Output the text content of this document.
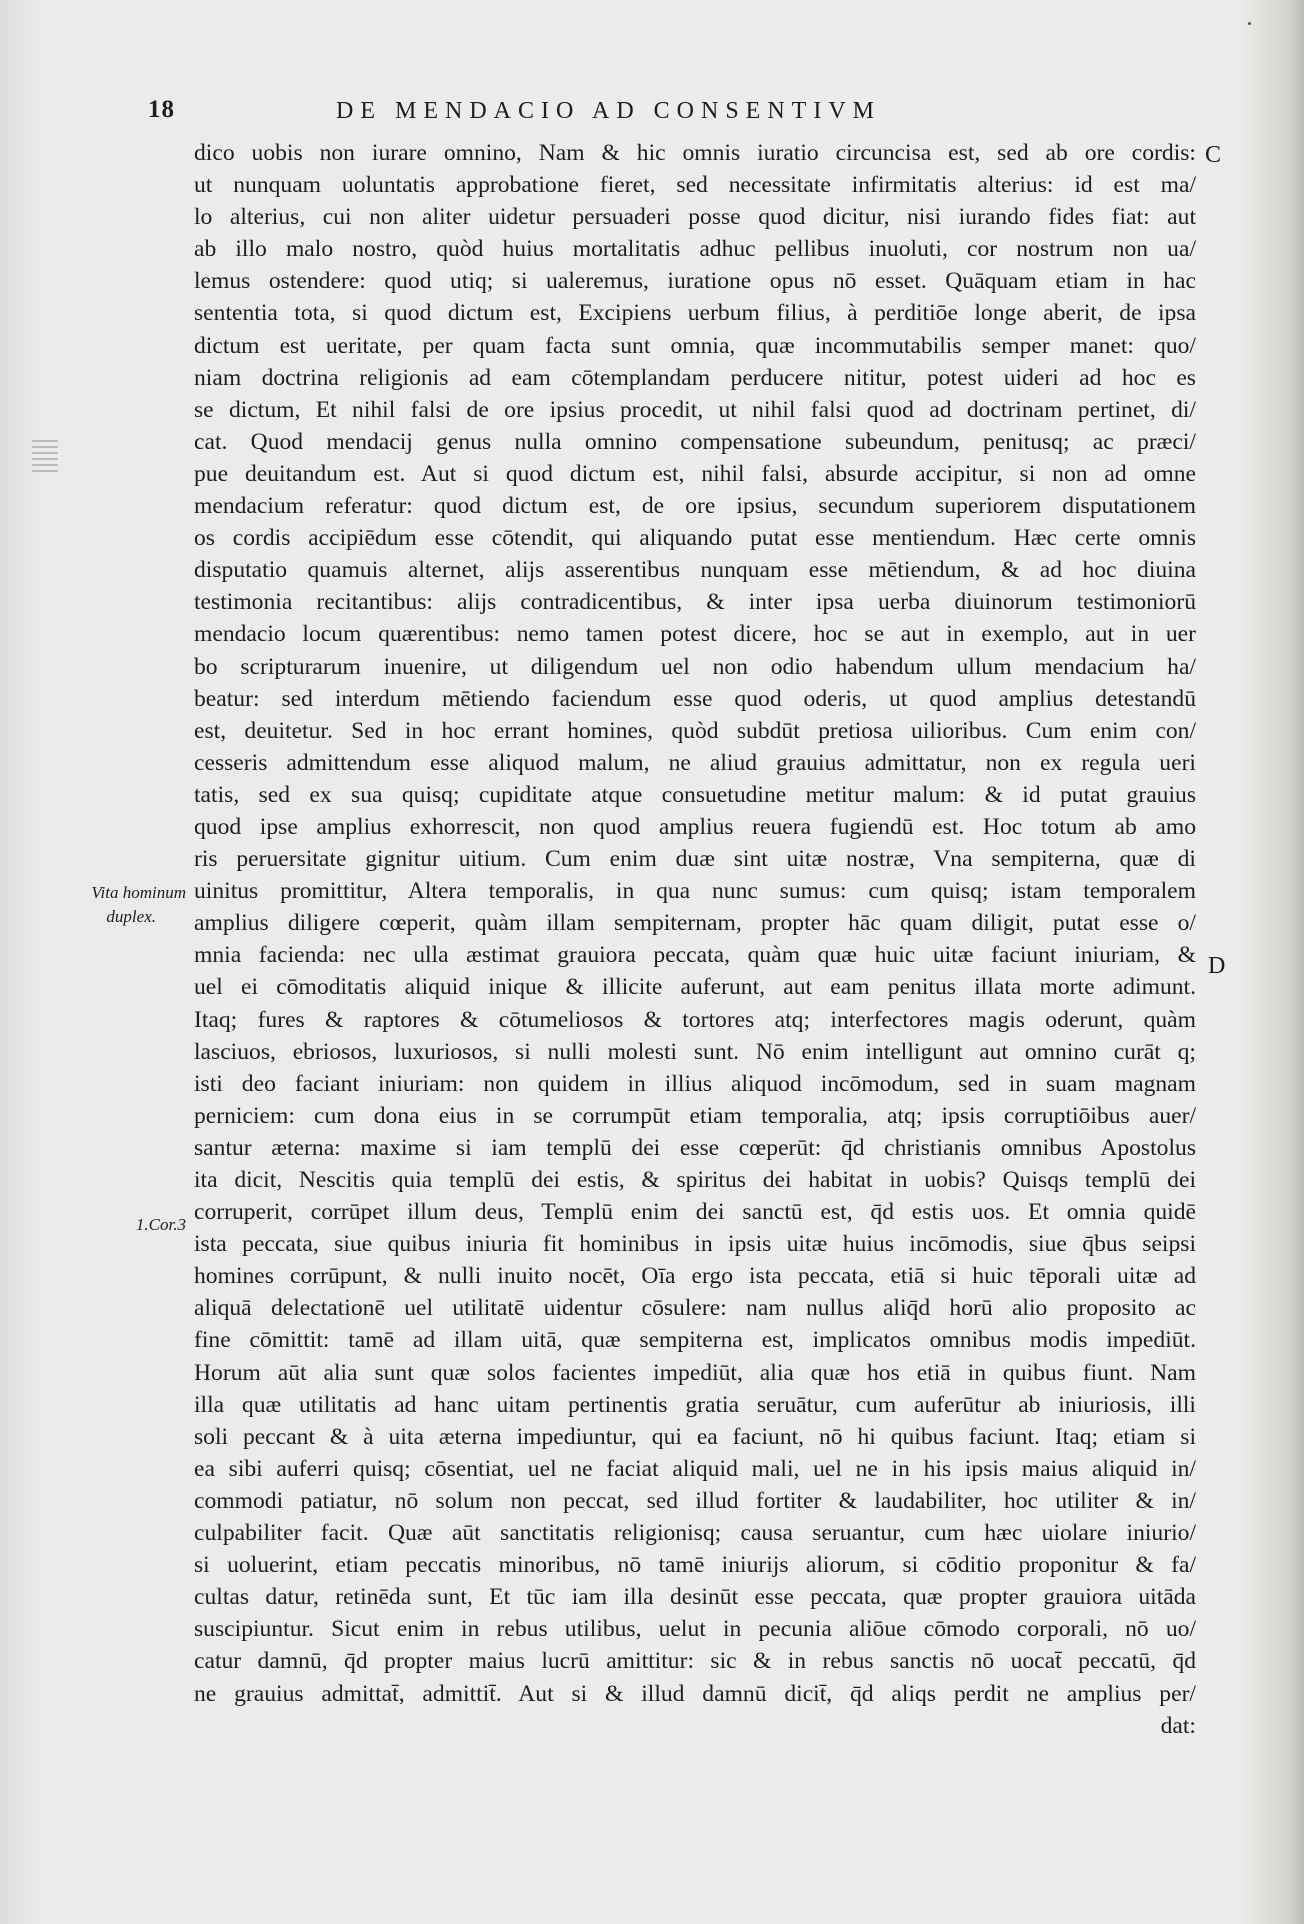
18	DE MENDACIO AD CONSENTIVM
Vita hominum
duplex.
1.Cor.3
C
D
dico uobis non iurare omnino, Nam & hic omnis iuratio circuncisa est, sed ab ore cordis:
ut nunquam uoluntatis approbatione fieret, sed necessitate infirmitatis alterius: id est ma/
lo alterius, cui non aliter uidetur persuaderi posse quod dicitur, nisi iurando fides fiat: aut
ab illo malo nostro, quòd huius mortalitatis adhuc pellibus inuoluti, cor nostrum non ua/
lemus ostendere: quod utiq; si ualeremus, iuratione opus nō esset. Quāquam etiam in hac
sententia tota, si quod dictum est, Excipiens uerbum filius, à perditiōe longe aberit, de ipsa
dictum est ueritate, per quam facta sunt omnia, quæ incommutabilis semper manet: quo/
niam doctrina religionis ad eam cōtemplandam perducere nititur, potest uideri ad hoc es
se dictum, Et nihil falsi de ore ipsius procedit, ut nihil falsi quod ad doctrinam pertinet, di/
cat. Quod mendacij genus nulla omnino compensatione subeundum, penitusq; ac præci/
pue deuitandum est. Aut si quod dictum est, nihil falsi, absurde accipitur, si non ad omne
mendacium referatur: quod dictum est, de ore ipsius, secundum superiorem disputationem
os cordis accipiēdum esse cōtendit, qui aliquando putat esse mentiendum. Hæc certe omnis
disputatio quamuis alternet, alijs asserentibus nunquam esse mētiendum, & ad hoc diuina
testimonia recitantibus: alijs contradicentibus, & inter ipsa uerba diuinorum testimoniorū
mendacio locum quærentibus: nemo tamen potest dicere, hoc se aut in exemplo, aut in uer
bo scripturarum inuenire, ut diligendum uel non odio habendum ullum mendacium ha/
beatur: sed interdum mētiendo faciendum esse quod oderis, ut quod amplius detestandū
est, deuitetur. Sed in hoc errant homines, quòd subdūt pretiosa uilioribus. Cum enim con/
cesseris admittendum esse aliquod malum, ne aliud grauius admittatur, non ex regula ueri
tatis, sed ex sua quisq; cupiditate atque consuetudine metitur malum: & id putat grauius
quod ipse amplius exhorrescit, non quod amplius reuera fugiendū est. Hoc totum ab amo
ris peruersitate gignitur uitium. Cum enim duæ sint uitæ nostræ, Vna sempiterna, quæ di
uinitus promittitur, Altera temporalis, in qua nunc sumus: cum quisq; istam temporalem
amplius diligere cœperit, quàm illam sempiternam, propter hāc quam diligit, putat esse o/
mnia facienda: nec ulla æstimat grauiora peccata, quàm quæ huic uitæ faciunt iniuriam, &
uel ei cōmoditatis aliquid inique & illicite auferunt, aut eam penitus illata morte adimunt.
Itaq; fures & raptores & cōtumeliosos & tortores atq; interfectores magis oderunt, quàm
lasciuos, ebriosos, luxuriosos, si nulli molesti sunt. Nō enim intelligunt aut omnino curāt q;
isti deo faciant iniuriam: non quidem in illius aliquod incōmodum, sed in suam magnam
perniciem: cum dona eius in se corrumpūt etiam temporalia, atq; ipsis corruptiōibus auer/
santur æterna: maxime si iam templū dei esse cœperūt: q̄d christianis omnibus Apostolus
ita dicit, Nescitis quia templū dei estis, & spiritus dei habitat in uobis? Quisqs templū dei
corruperit, corrūpet illum deus, Templū enim dei sanctū est, q̄d estis uos. Et omnia quidē
ista peccata, siue quibus iniuria fit hominibus in ipsis uitæ huius incōmodis, siue q̄bus seipsi
homines corrūpunt, & nulli inuito nocēt, Oīa ergo ista peccata, etiā si huic tēporali uitæ ad
aliquā delectationē uel utilitatē uidentur cōsulere: nam nullus aliq̄d horū alio proposito ac
fine cōmittit: tamē ad illam uitā, quæ sempiterna est, implicatos omnibus modis impediūt.
Horum aūt alia sunt quæ solos facientes impediūt, alia quæ hos etiā in quibus fiunt. Nam
illa quæ utilitatis ad hanc uitam pertinentis gratia seruātur, cum auferūtur ab iniuriosis, illi
soli peccant & à uita æterna impediuntur, qui ea faciunt, nō hi quibus faciunt. Itaq; etiam si
ea sibi auferri quisq; cōsentiat, uel ne faciat aliquid mali, uel ne in his ipsis maius aliquid in/
commodi patiatur, nō solum non peccat, sed illud fortiter & laudabiliter, hoc utiliter & in/
culpabiliter facit. Quæ aūt sanctitatis religionisq; causa seruantur, cum hæc uiolare iniurio/
si uoluerint, etiam peccatis minoribus, nō tamē iniurijs aliorum, si cōditio proponitur & fa/
cultas datur, retinēda sunt, Et tūc iam illa desinūt esse peccata, quæ propter grauiora uitāda
suscipiuntur. Sicut enim in rebus utilibus, uelut in pecunia aliōue cōmodo corporali, nō uo/
catur damnū, q̄d propter maius lucrū amittitur: sic & in rebus sanctis nō uocat̄ peccatū, q̄d
ne grauius admittat̄, admittit̄. Aut si & illud damnū dicit̄, q̄d aliqs perdit ne amplius per/
dat:
